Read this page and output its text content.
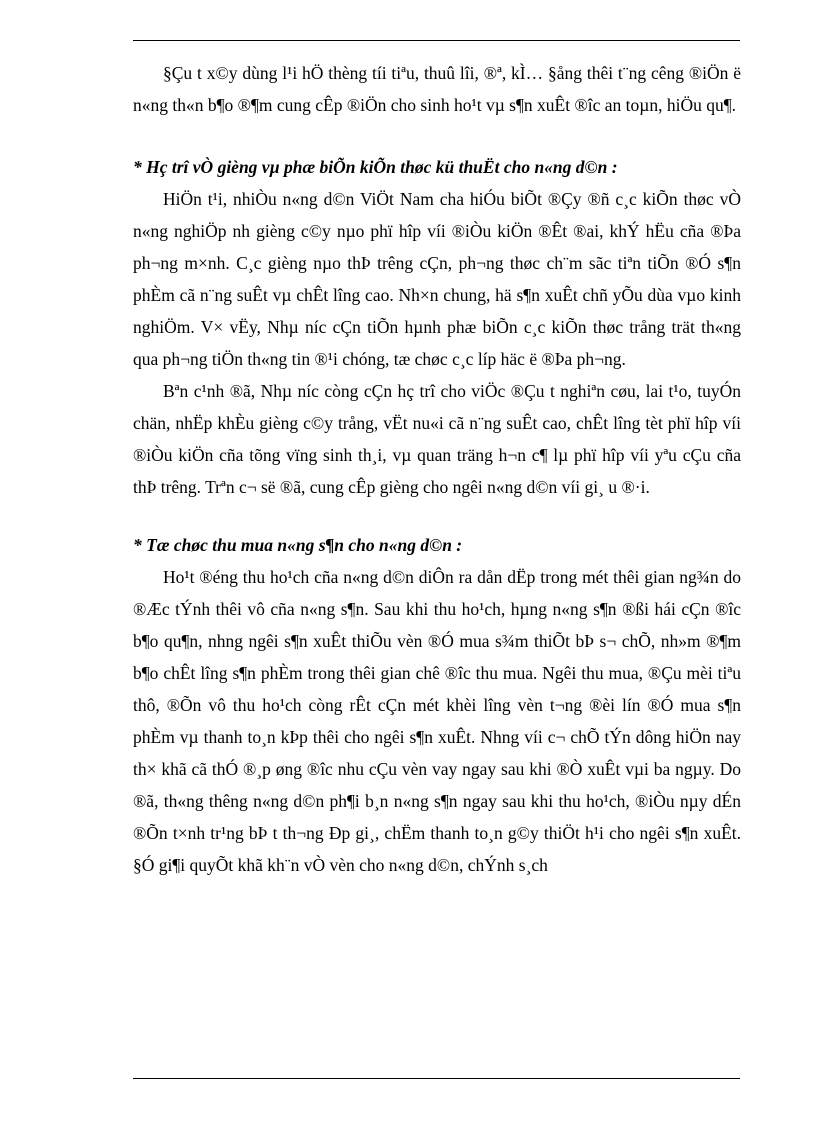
§Çu t x©y dùng l¹i hÖ thèng tíi tiªu, thuû lîi, ®ª, kÌ… §ång thêi t¨ng cêng ®iÖn ë n«ng th«n b¶o ®¶m cung cÊp ®iÖn cho sinh ho¹t vµ s¶n xuÊt ®îc an toµn, hiÖu qu¶.

* Hç trî vÒ gièng vµ phæ biÕn kiÕn thøc kü thuËt cho n«ng d©n :

HiÖn t¹i, nhiÒu n«ng d©n ViÖt Nam cha hiÓu biÕt ®Çy ®ñ c¸c kiÕn thøc vÒ n«ng nghiÖp nh gièng c©y nµo phï hîp víi ®iÒu kiÖn ®Êt ®ai, khÝ hËu cña ®Þa ph¬ng m×nh. C¸c gièng nµo thÞ trêng cÇn, ph¬ng thøc ch¨m sãc tiªn tiÕn ®Ó s¶n phÈm cã n¨ng suÊt vµ chÊt lîng cao. Nh×n chung, hä s¶n xuÊt chñ yÕu dùa vµo kinh nghiÖm. V× vËy, Nhµ níc cÇn tiÕn hµnh phæ biÕn c¸c kiÕn thøc trång trät th«ng qua ph¬ng tiÖn th«ng tin ®¹i chóng, tæ chøc c¸c líp häc ë ®Þa ph¬ng.

Bªn c¹nh ®ã, Nhµ níc còng cÇn hç trî cho viÖc ®Çu t nghiªn cøu, lai t¹o, tuyÓn chän, nhËp khÈu gièng c©y trång, vËt nu«i cã n¨ng suÊt cao, chÊt lîng tèt phï hîp víi ®iÒu kiÖn cña tõng vïng sinh th¸i, vµ quan träng h¬n c¶ lµ phï hîp víi yªu cÇu cña thÞ trêng. Trªn c¬ së ®ã, cung cÊp gièng cho ngêi n«ng d©n víi gi¸ u ®·i.

* Tæ chøc thu mua n«ng s¶n cho n«ng d©n :

Ho¹t ®éng thu ho¹ch cña n«ng d©n diÔn ra dån dËp trong mét thêi gian ng¾n do ®Æc tÝnh thêi vô cña n«ng s¶n. Sau khi thu ho¹ch, hµng n«ng s¶n ®ßi hái cÇn ®îc b¶o qu¶n, nhng ngêi s¶n xuÊt thiÕu vèn ®Ó mua s¾m thiÕt bÞ s¬ chÕ, nh»m ®¶m b¶o chÊt lîng s¶n phÈm trong thêi gian chê ®îc thu mua. Ngêi thu mua, ®Çu mèi tiªu thô, ®Õn vô thu ho¹ch còng rÊt cÇn mét khèi lîng vèn t¬ng ®èi lín ®Ó mua s¶n phÈm vµ thanh to¸n kÞp thêi cho ngêi s¶n xuÊt. Nhng víi c¬ chÕ tÝn dông hiÖn nay th× khã cã thÓ ®¸p øng ®îc nhu cÇu vèn vay ngay sau khi ®Ò xuÊt vµi ba ngµy. Do ®ã, th«ng thêng n«ng d©n ph¶i b¸n n«ng s¶n ngay sau khi thu ho¹ch, ®iÒu nµy dÉn ®Õn t×nh tr¹ng bÞ t th¬ng Ðp gi¸, chËm thanh to¸n g©y thiÖt h¹i cho ngêi s¶n xuÊt. §Ó gi¶i quyÕt khã kh¨n vÒ vèn cho n«ng d©n, chÝnh s¸ch
